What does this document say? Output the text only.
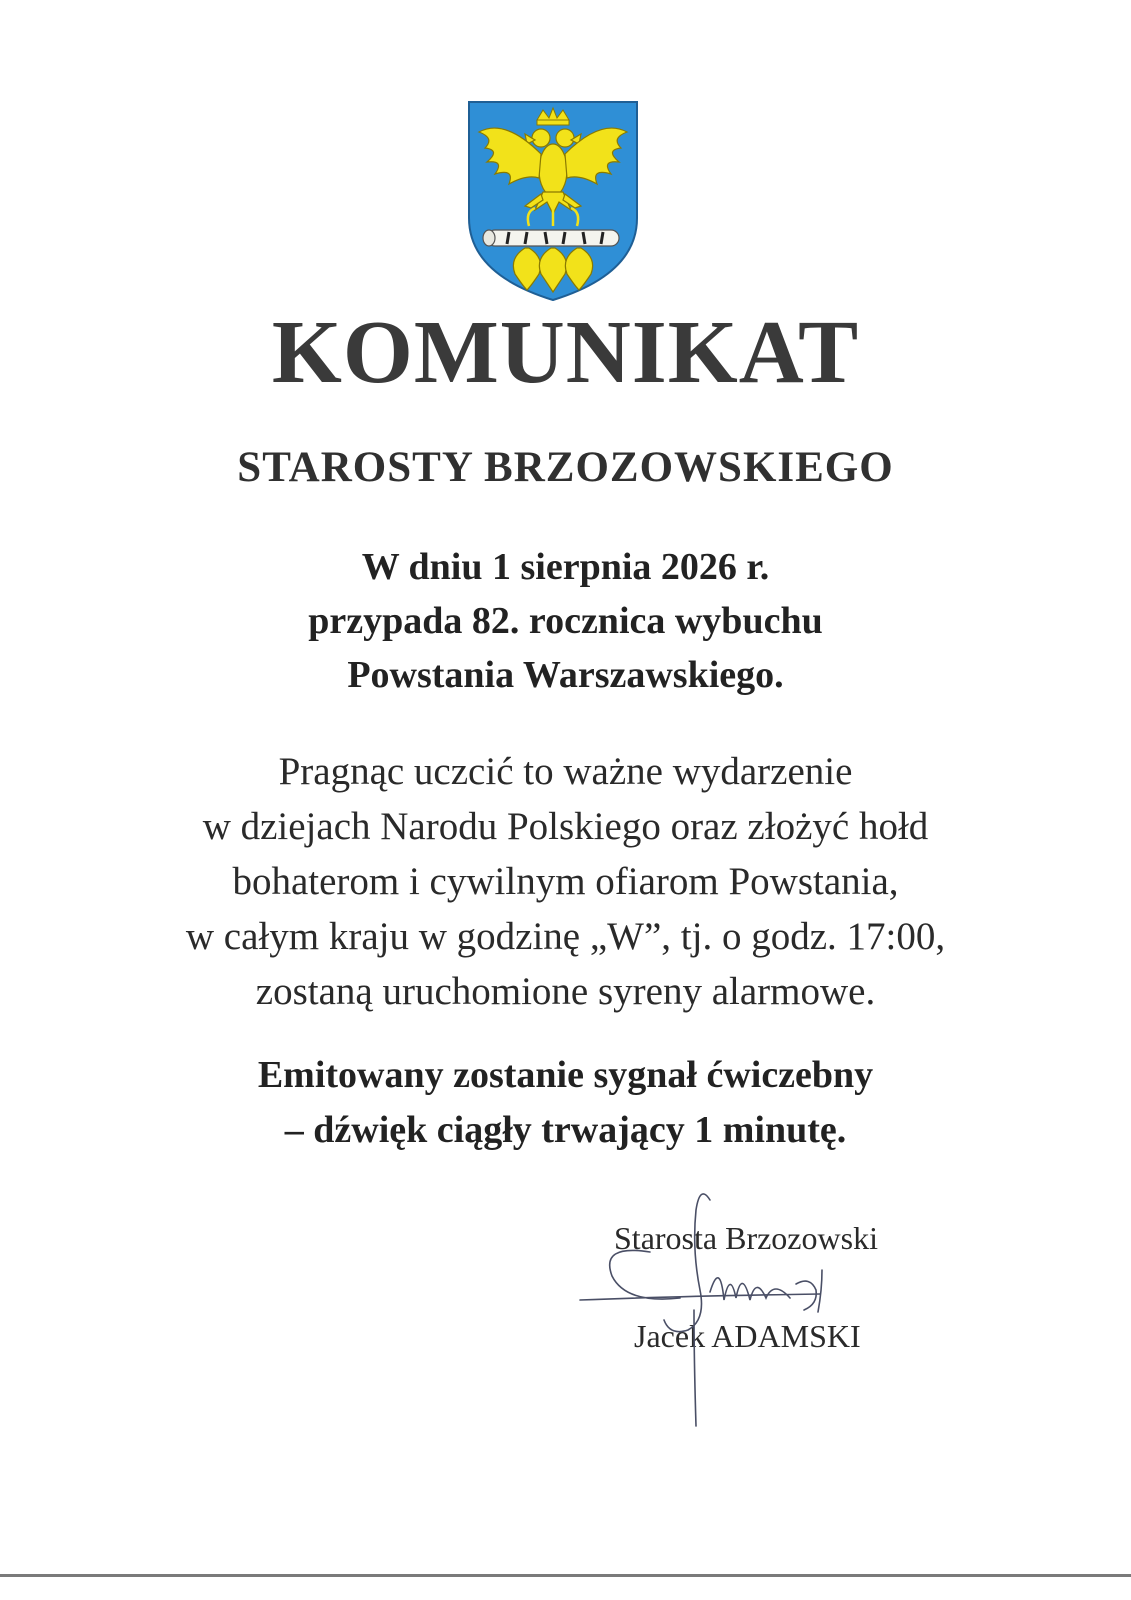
KOMUNIKAT
STAROSTY BRZOZOWSKIEGO
W dniu 1 sierpnia 2026 r.
przypada 82. rocznica wybuchu
Powstania Warszawskiego.
Pragnąc uczcić to ważne wydarzenie
w dziejach Narodu Polskiego oraz złożyć hołd
bohaterom i cywilnym ofiarom Powstania,
w całym kraju w godzinę „W”, tj. o godz. 17:00,
zostaną uruchomione syreny alarmowe.
Emitowany zostanie sygnał ćwiczebny
– dźwięk ciągły trwający 1 minutę.
Starosta Brzozowski
Jacek ADAMSKI
